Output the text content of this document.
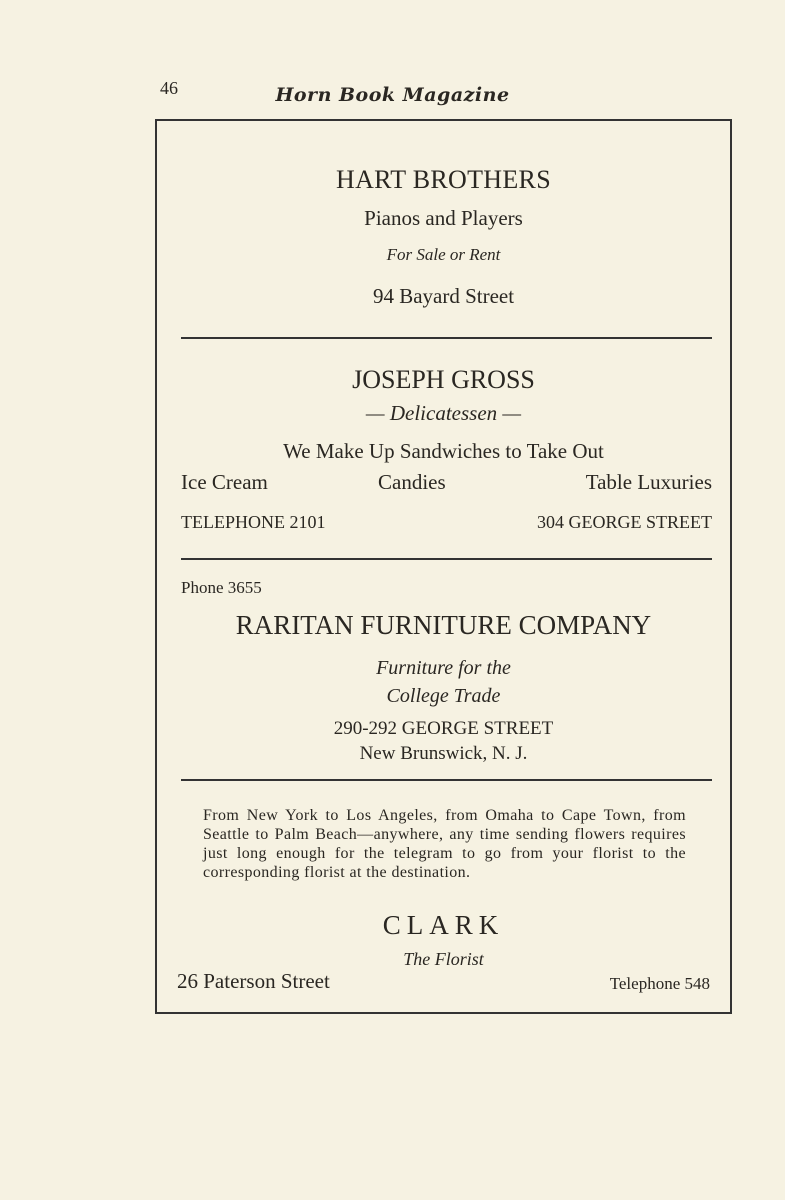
46	Horn Book Magazine
HART BROTHERS
Pianos and Players
For Sale or Rent
94 Bayard Street
JOSEPH GROSS
— Delicatessen —
We Make Up Sandwiches to Take Out
Ice Cream	Candies	Table Luxuries
TELEPHONE 2101	304 GEORGE STREET
Phone 3655
RARITAN FURNITURE COMPANY
Furniture for the
College Trade
290-292 GEORGE STREET
New Brunswick, N. J.
From New York to Los Angeles, from Omaha to Cape Town, from Seattle to Palm Beach—anywhere, any time sending flowers requires just long enough for the telegram to go from your florist to the corresponding florist at the destination.
CLARK
The Florist
26 Paterson Street	Telephone 548
